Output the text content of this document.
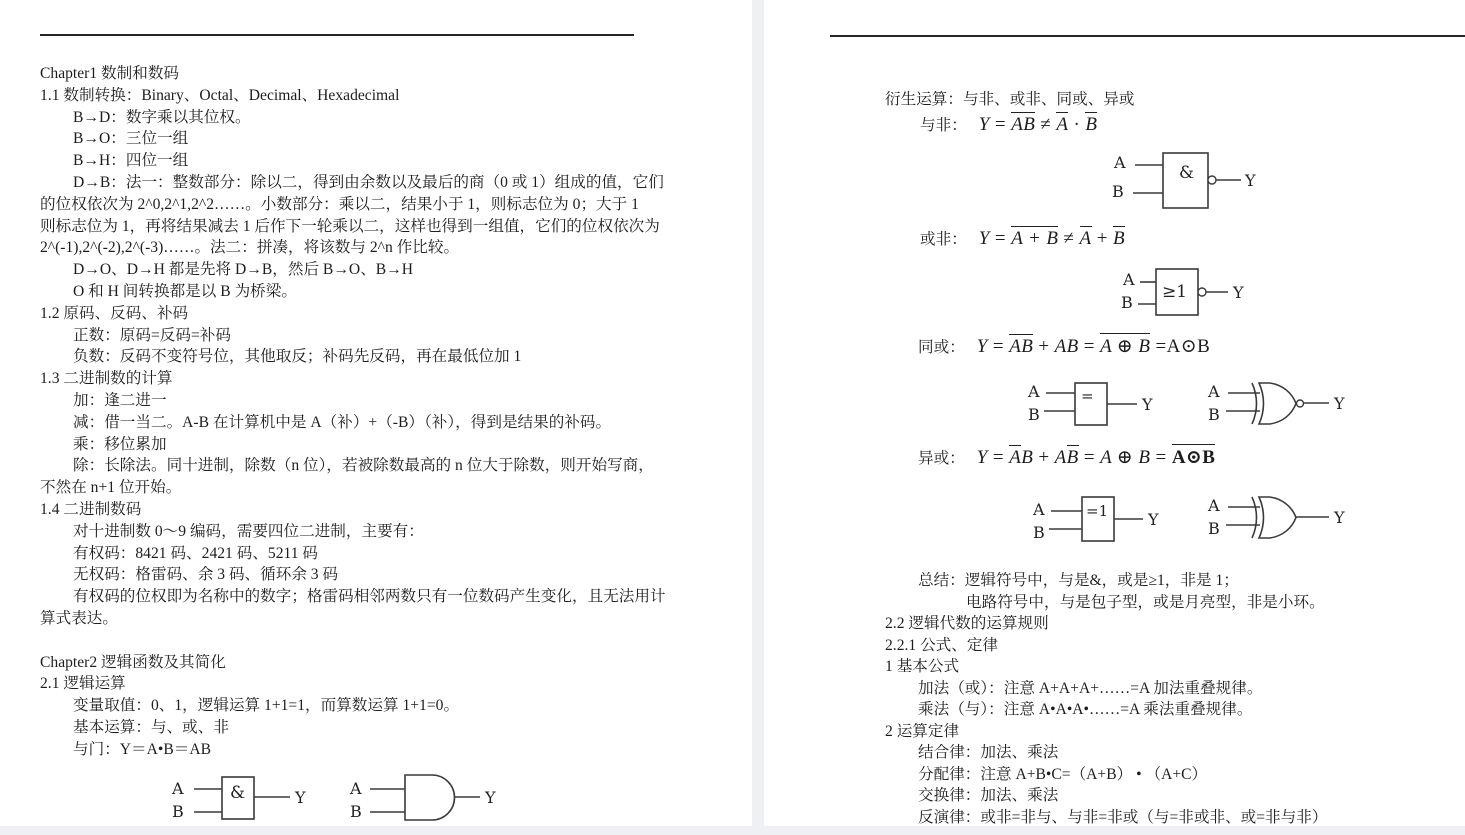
Chapter1 数制和数码
1.1 数制转换：Binary、Octal、Decimal、Hexadecimal
B→D：数字乘以其位权。
B→O：三位一组
B→H：四位一组
D→B：法一：整数部分：除以二，得到由余数以及最后的商（0 或 1）组成的值，它们
的位权依次为 2^0,2^1,2^2……。小数部分：乘以二，结果小于 1，则标志位为 0；大于 1
则标志位为 1，再将结果减去 1 后作下一轮乘以二，这样也得到一组值，它们的位权依次为
2^(-1),2^(-2),2^(-3)……。法二：拼凑，将该数与 2^n 作比较。
D→O、D→H 都是先将 D→B，然后 B→O、B→H
O 和 H 间转换都是以 B 为桥梁。
1.2 原码、反码、补码
正数：原码=反码=补码
负数：反码不变符号位，其他取反；补码先反码，再在最低位加 1
1.3 二进制数的计算
加：逢二进一
减：借一当二。A-B 在计算机中是 A（补）+（-B）（补），得到是结果的补码。
乘：移位累加
除：长除法。同十进制，除数（n 位），若被除数最高的 n 位大于除数，则开始写商，
不然在 n+1 位开始。
1.4 二进制数码
对十进制数 0～9 编码，需要四位二进制，主要有：
有权码：8421 码、2421 码、5211 码
无权码：格雷码、余 3 码、循环余 3 码
有权码的位权即为名称中的数字；格雷码相邻两数只有一位数码产生变化，且无法用计
算式表达。

Chapter2 逻辑函数及其简化
2.1 逻辑运算
变量取值：0、1，逻辑运算 1+1=1，而算数运算 1+1=0。
基本运算：与、或、非
与门：Y＝A•B＝AB
A
B
&	Y	A
B
Y
衍生运算：与非、或非、同或、异或
与非： Y = AB ≠ A · B
A
B
&	Y
或非： Y = A + B ≠ A + B
A
B
≥1	Y
同或： Y = AB + AB = A ⊕ B =A⊙B
A
B
=	Y
A
B
Y
异或： Y = AB + AB = A ⊕ B = A⊙B
A
B
=1 Y
A
B
Y
总结：逻辑符号中，与是&，或是≥1，非是 1；
电路符号中，与是包子型，或是月亮型，非是小环。
2.2 逻辑代数的运算规则
2.2.1 公式、定律
1 基本公式
加法（或）：注意 A+A+A+……=A 加法重叠规律。
乘法（与）：注意 A•A•A•……=A 乘法重叠规律。
2 运算定律
结合律：加法、乘法
分配律：注意 A+B•C=（A+B） • （A+C）
交换律：加法、乘法
反演律：或非=非与、与非=非或（与=非或非、或=非与非）
